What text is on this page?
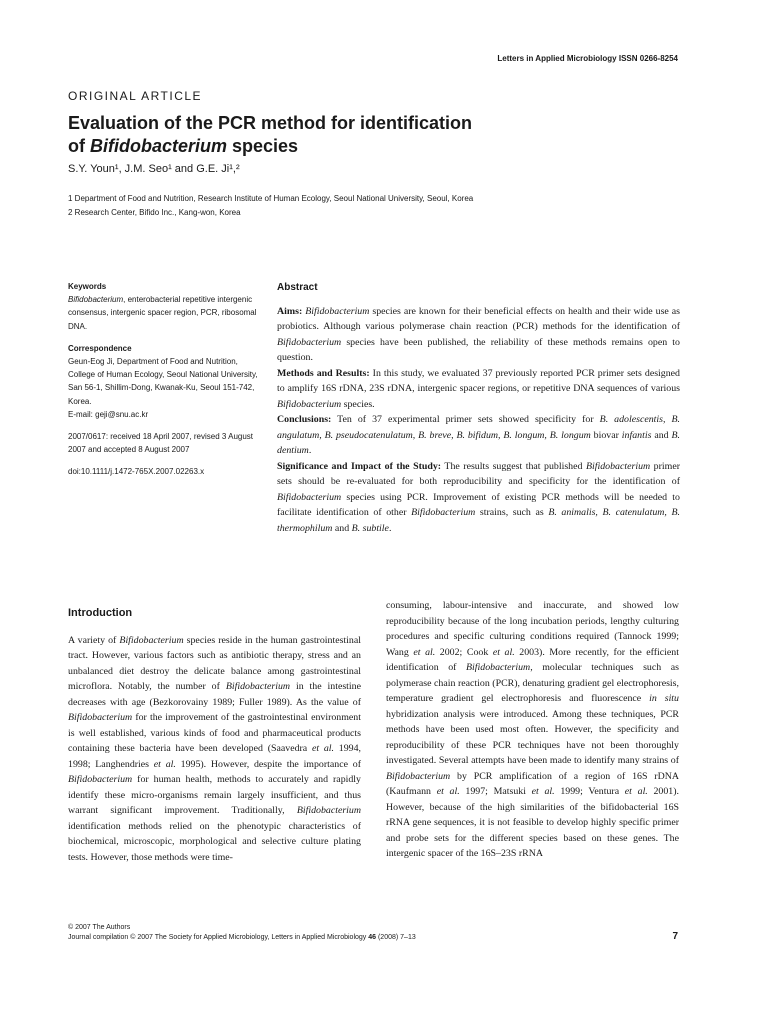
Letters in Applied Microbiology ISSN 0266-8254
ORIGINAL ARTICLE
Evaluation of the PCR method for identification
of Bifidobacterium species
S.Y. Youn¹, J.M. Seo¹ and G.E. Ji¹,²
1 Department of Food and Nutrition, Research Institute of Human Ecology, Seoul National University, Seoul, Korea
2 Research Center, Bifido Inc., Kang-won, Korea
Keywords
Bifidobacterium, enterobacterial repetitive intergenic consensus, intergenic spacer region, PCR, ribosomal DNA.
Correspondence
Geun-Eog Ji, Department of Food and Nutrition, College of Human Ecology, Seoul National University, San 56-1, Shillim-Dong, Kwanak-Ku, Seoul 151-742, Korea.
E-mail: geji@snu.ac.kr
2007/0617: received 18 April 2007, revised 3 August 2007 and accepted 8 August 2007
doi:10.1111/j.1472-765X.2007.02263.x
Abstract

Aims: Bifidobacterium species are known for their beneficial effects on health and their wide use as probiotics. Although various polymerase chain reaction (PCR) methods for the identification of Bifidobacterium species have been published, the reliability of these methods remains open to question.

Methods and Results: In this study, we evaluated 37 previously reported PCR primer sets designed to amplify 16S rDNA, 23S rDNA, intergenic spacer regions, or repetitive DNA sequences of various Bifidobacterium species.

Conclusions: Ten of 37 experimental primer sets showed specificity for B. adolescentis, B. angulatum, B. pseudocatenulatum, B. breve, B. bifidum, B. longum, B. longum biovar infantis and B. dentium.

Significance and Impact of the Study: The results suggest that published Bifidobacterium primer sets should be re-evaluated for both reproducibility and specificity for the identification of Bifidobacterium species using PCR. Improvement of existing PCR methods will be needed to facilitate identification of other Bifidobacterium strains, such as B. animalis, B. catenulatum, B. thermophilum and B. subtile.

Introduction

A variety of Bifidobacterium species reside in the human gastrointestinal tract. However, various factors such as antibiotic therapy, stress and an unbalanced diet destroy the delicate balance among gastrointestinal microflora. Notably, the number of Bifidobacterium in the intestine decreases with age (Bezkorovainy 1989; Fuller 1989). As the value of Bifidobacterium for the improvement of the gastrointestinal environment is well established, various kinds of food and pharmaceutical products containing these bacteria have been developed (Saavedra et al. 1994, 1998; Langhendries et al. 1995). However, despite the importance of Bifidobacterium for human health, methods to accurately and rapidly identify these micro-organisms remain largely insufficient, and thus warrant significant improvement. Traditionally, Bifidobacterium identification methods relied on the phenotypic characteristics of biochemical, microscopic, morphological and selective culture plating tests. However, those methods were time-

consuming, labour-intensive and inaccurate, and showed low reproducibility because of the long incubation periods, lengthy culturing procedures and specific culturing conditions required (Tannock 1999; Wang et al. 2002; Cook et al. 2003). More recently, for the efficient identification of Bifidobacterium, molecular techniques such as polymerase chain reaction (PCR), denaturing gradient gel electrophoresis, temperature gradient gel electrophoresis and fluorescence in situ hybridization analysis were introduced. Among these techniques, PCR methods have been used most often. However, the specificity and reproducibility of these PCR techniques have not been thoroughly investigated. Several attempts have been made to identify many strains of Bifidobacterium by PCR amplification of a region of 16S rDNA (Kaufmann et al. 1997; Matsuki et al. 1999; Ventura et al. 2001). However, because of the high similarities of the bifidobacterial 16S rRNA gene sequences, it is not feasible to develop highly specific primer and probe sets for the different species based on these genes. The intergenic spacer of the 16S–23S rRNA

© 2007 The Authors
Journal compilation © 2007 The Society for Applied Microbiology, Letters in Applied Microbiology 46 (2008) 7–13	7
